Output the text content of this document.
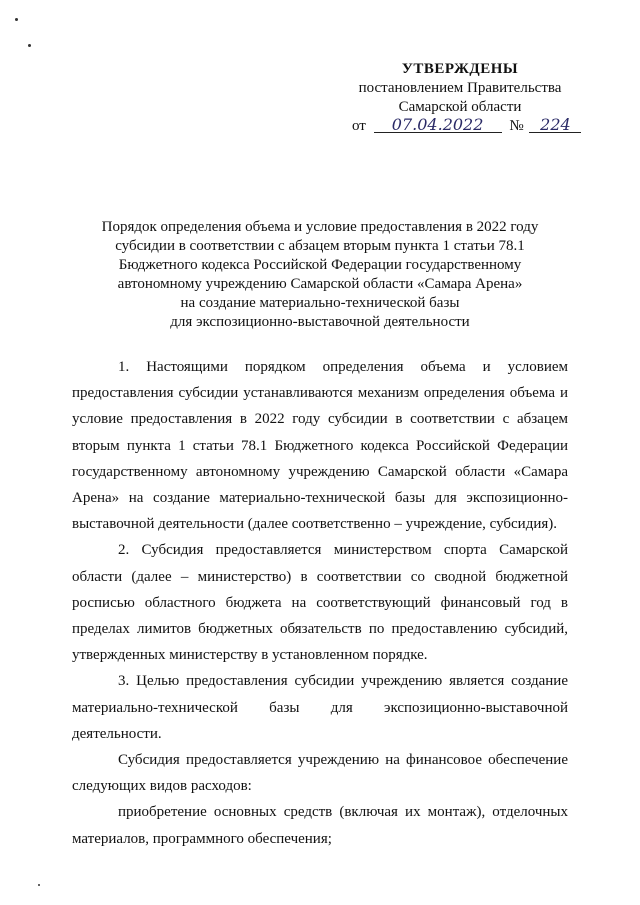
УТВЕРЖДЕНЫ
постановлением Правительства
Самарской области
от 07.04.2022 № 224
Порядок определения объема и условие предоставления в 2022 году
субсидии в соответствии с абзацем вторым пункта 1 статьи 78.1
Бюджетного кодекса Российской Федерации государственному
автономному учреждению Самарской области «Самара Арена»
на создание материально-технической базы
для экспозиционно-выставочной деятельности

1. Настоящими порядком определения объема и условием предоставления субсидии устанавливаются механизм определения объема и условие предоставления в 2022 году субсидии в соответствии с абзацем вторым пункта 1 статьи 78.1 Бюджетного кодекса Российской Федерации государственному автономному учреждению Самарской области «Самара Арена» на создание материально-технической базы для экспозиционно-выставочной деятельности (далее соответственно – учреждение, субсидия).

2. Субсидия предоставляется министерством спорта Самарской области (далее – министерство) в соответствии со сводной бюджетной росписью областного бюджета на соответствующий финансовый год в пределах лимитов бюджетных обязательств по предоставлению субсидий, утвержденных министерству в установленном порядке.

3. Целью предоставления субсидии учреждению является создание материально-технической базы для экспозиционно-выставочной деятельности.

Субсидия предоставляется учреждению на финансовое обеспечение следующих видов расходов:

приобретение основных средств (включая их монтаж), отделочных материалов, программного обеспечения;
